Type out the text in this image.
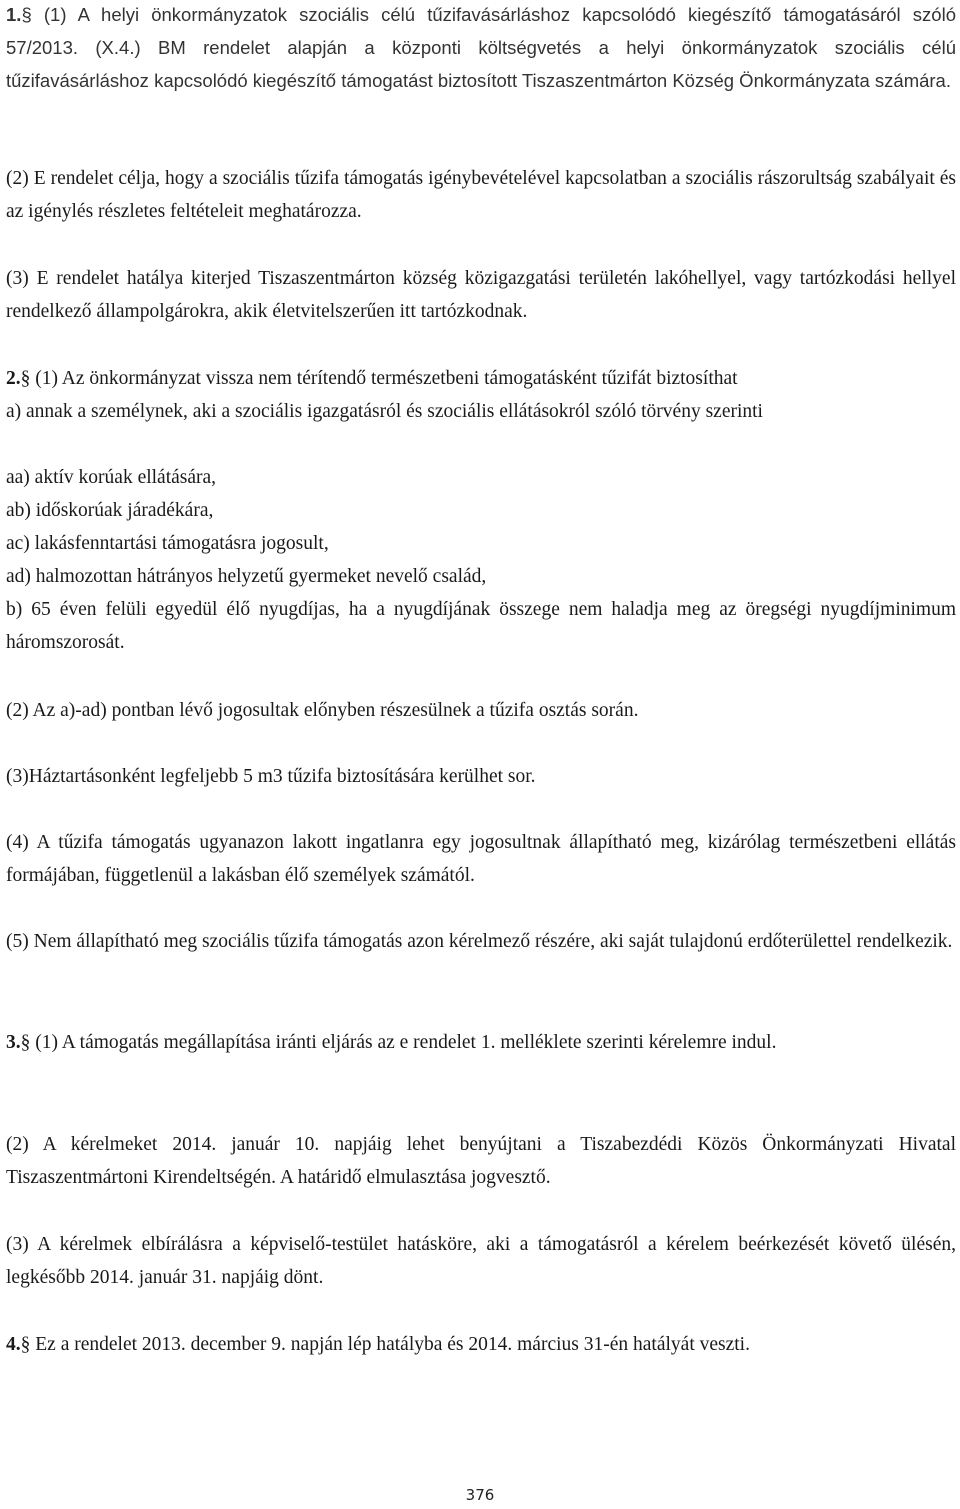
1.§ (1) A helyi önkormányzatok szociális célú tűzifavásárláshoz kapcsolódó kiegészítő támogatásáról szóló 57/2013. (X.4.) BM rendelet alapján a központi költségvetés a helyi önkormányzatok szociális célú tűzifavásárláshoz kapcsolódó kiegészítő támogatást biztosított Tiszaszentmárton Község Önkormányzata számára.
(2) E rendelet célja, hogy a szociális tűzifa támogatás igénybevételével kapcsolatban a szociális rászorultság szabályait és az igénylés részletes feltételeit meghatározza.
(3) E rendelet hatálya kiterjed Tiszaszentmárton község közigazgatási területén lakóhellyel, vagy tartózkodási hellyel rendelkező állampolgárokra, akik életvitelszerűen itt tartózkodnak.
2.§ (1) Az önkormányzat vissza nem térítendő természetbeni támogatásként tűzifát biztosíthat
a) annak a személynek, aki a szociális igazgatásról és szociális ellátásokról szóló törvény szerinti
aa) aktív korúak ellátására,
ab) időskorúak járadékára,
ac) lakásfenntartási támogatásra jogosult,
ad) halmozottan hátrányos helyzetű gyermeket nevelő család,
b) 65 éven felüli egyedül élő nyugdíjas, ha a nyugdíjának összege nem haladja meg az öregségi nyugdíjminimum háromszorosát.
(2) Az a)-ad) pontban lévő jogosultak előnyben részesülnek a tűzifa osztás során.
(3)Háztartásonként legfeljebb 5 m3 tűzifa biztosítására kerülhet sor.
(4) A tűzifa támogatás ugyanazon lakott ingatlanra egy jogosultnak állapítható meg, kizárólag természetbeni ellátás formájában, függetlenül a lakásban élő személyek számától.
(5) Nem állapítható meg szociális tűzifa támogatás azon kérelmező részére, aki saját tulajdonú erdőterülettel rendelkezik.
3.§ (1) A támogatás megállapítása iránti eljárás az e rendelet 1. melléklete szerinti kérelemre indul.
(2) A kérelmeket 2014. január 10. napjáig lehet benyújtani a Tiszabezdédi Közös Önkormányzati Hivatal Tiszaszentmártoni Kirendeltségén. A határidő elmulasztása jogvesztő.
(3) A kérelmek elbírálásra a képviselő-testület hatásköre, aki a támogatásról a kérelem beérkezését követő ülésén, legkésőbb 2014. január 31. napjáig dönt.
4.§ Ez a rendelet 2013. december 9. napján lép hatályba és 2014. március 31-én hatályát veszti.
376
